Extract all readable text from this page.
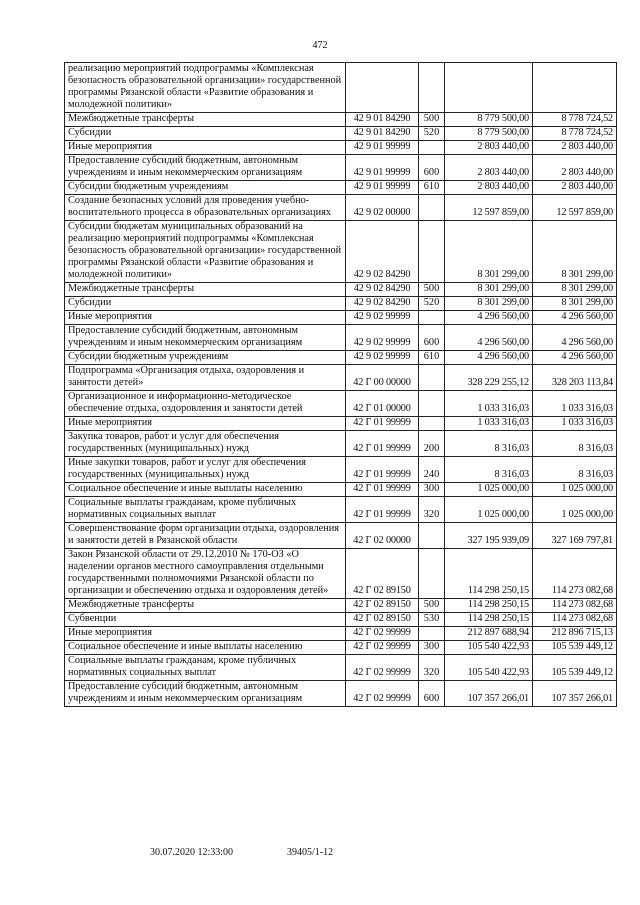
472
реализацию мероприятий подпрограммы «Комплексная безопасность образовательной организации» государственной программы Рязанской области «Развитие образования и молодежной политики»				
Межбюджетные трансферты	42 9 01 84290	500	8 779 500,00	8 778 724,52
Субсидии	42 9 01 84290	520	8 779 500,00	8 778 724,52
Иные мероприятия	42 9 01 99999		2 803 440,00	2 803 440,00
Предоставление субсидий бюджетным, автономным учреждениям и иным некоммерческим организациям	42 9 01 99999	600	2 803 440,00	2 803 440,00
Субсидии бюджетным учреждениям	42 9 01 99999	610	2 803 440,00	2 803 440,00
Создание безопасных условий для проведения учебно-воспитательного процесса в образовательных организациях	42 9 02 00000		12 597 859,00	12 597 859,00
Субсидии бюджетам муниципальных образований на реализацию мероприятий подпрограммы «Комплексная безопасность образовательной организации» государственной программы Рязанской области «Развитие образования и молодежной политики»	42 9 02 84290		8 301 299,00	8 301 299,00
Межбюджетные трансферты	42 9 02 84290	500	8 301 299,00	8 301 299,00
Субсидии	42 9 02 84290	520	8 301 299,00	8 301 299,00
Иные мероприятия	42 9 02 99999		4 296 560,00	4 296 560,00
Предоставление субсидий бюджетным, автономным учреждениям и иным некоммерческим организациям	42 9 02 99999	600	4 296 560,00	4 296 560,00
Субсидии бюджетным учреждениям	42 9 02 99999	610	4 296 560,00	4 296 560,00
Подпрограмма «Организация отдыха, оздоровления и занятости детей»	42 Г 00 00000		328 229 255,12	328 203 113,84
Организационное и информационно-методическое обеспечение отдыха, оздоровления и занятости детей	42 Г 01 00000		1 033 316,03	1 033 316,03
Иные мероприятия	42 Г 01 99999		1 033 316,03	1 033 316,03
Закупка товаров, работ и услуг для обеспечения государственных (муниципальных) нужд	42 Г 01 99999	200	8 316,03	8 316,03
Иные закупки товаров, работ и услуг для обеспечения государственных (муниципальных) нужд	42 Г 01 99999	240	8 316,03	8 316,03
Социальное обеспечение и иные выплаты населению	42 Г 01 99999	300	1 025 000,00	1 025 000,00
Социальные выплаты гражданам, кроме публичных нормативных социальных выплат	42 Г 01 99999	320	1 025 000,00	1 025 000,00
Совершенствование форм организации отдыха, оздоровления и занятости детей в Рязанской области	42 Г 02 00000		327 195 939,09	327 169 797,81
Закон Рязанской области от 29.12.2010 № 170-ОЗ «О наделении органов местного самоуправления отдельными государственными полномочиями Рязанской области по организации и обеспечению отдыха и оздоровления детей»	42 Г 02 89150		114 298 250,15	114 273 082,68
Межбюджетные трансферты	42 Г 02 89150	500	114 298 250,15	114 273 082,68
Субвенции	42 Г 02 89150	530	114 298 250,15	114 273 082,68
Иные мероприятия	42 Г 02 99999		212 897 688,94	212 896 715,13
Социальное обеспечение и иные выплаты населению	42 Г 02 99999	300	105 540 422,93	105 539 449,12
Социальные выплаты гражданам, кроме публичных нормативных социальных выплат	42 Г 02 99999	320	105 540 422,93	105 539 449,12
Предоставление субсидий бюджетным, автономным учреждениям и иным некоммерческим организациям	42 Г 02 99999	600	107 357 266,01	107 357 266,01
30.07.2020 12:33:00	39405/1-12
